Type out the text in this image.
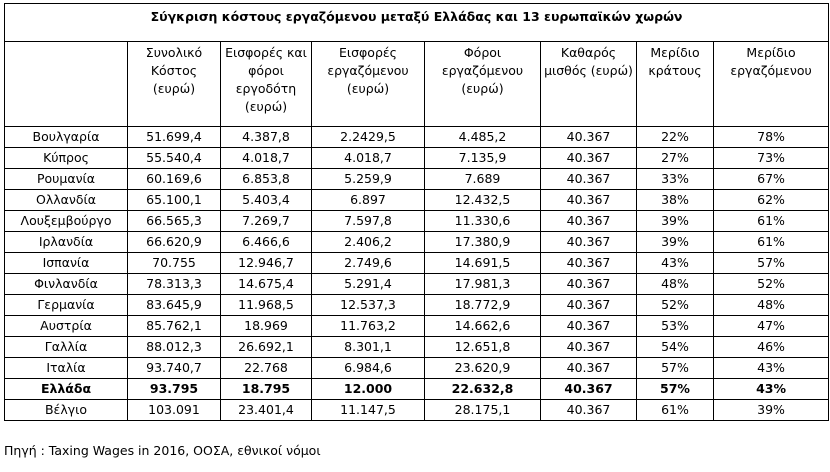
Σύγκριση κόστους εργαζόμενου μεταξύ Ελλάδας και 13 ευρωπαϊκών χωρών							
	Συνολικό Κόστος (ευρώ)	Εισφορές και φόροι εργοδότη (ευρώ)	Εισφορές εργαζόμενου (ευρώ)	Φόροι εργαζόμενου (ευρώ)	Καθαρός μισθός (ευρώ)	Μερίδιο κράτους	Μερίδιο εργαζόμενου
Βουλγαρία	51.699,4	4.387,8	2.2429,5	4.485,2	40.367	22%	78%
Κύπρος	55.540,4	4.018,7	4.018,7	7.135,9	40.367	27%	73%
Ρουμανία	60.169,6	6.853,8	5.259,9	7.689	40.367	33%	67%
Ολλανδία	65.100,1	5.403,4	6.897	12.432,5	40.367	38%	62%
Λουξεμβούργο	66.565,3	7.269,7	7.597,8	11.330,6	40.367	39%	61%
Ιρλανδία	66.620,9	6.466,6	2.406,2	17.380,9	40.367	39%	61%
Ισπανία	70.755	12.946,7	2.749,6	14.691,5	40.367	43%	57%
Φινλανδία	78.313,3	14.675,4	5.291,4	17.981,3	40.367	48%	52%
Γερμανία	83.645,9	11.968,5	12.537,3	18.772,9	40.367	52%	48%
Αυστρία	85.762,1	18.969	11.763,2	14.662,6	40.367	53%	47%
Γαλλία	88.012,3	26.692,1	8.301,1	12.651,8	40.367	54%	46%
Ιταλία	93.740,7	22.768	6.984,6	23.620,9	40.367	57%	43%
Ελλάδα	93.795	18.795	12.000	22.632,8	40.367	57%	43%
Βέλγιο	103.091	23.401,4	11.147,5	28.175,1	40.367	61%	39%
Πηγή : Taxing Wages in 2016, ΟΟΣΑ, εθνικοί νόμοι
